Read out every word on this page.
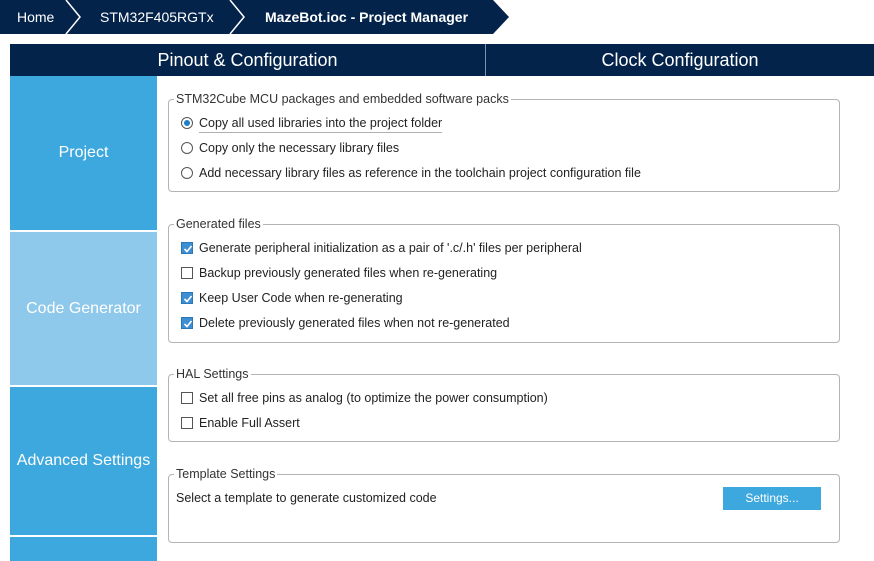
Home	STM32F405RGTx	MazeBot.ioc - Project Manager
Pinout & Configuration	Clock Configuration
Project
Code Generator
Advanced Settings
STM32Cube MCU packages and embedded software packs
Copy all used libraries into the project folder
Copy only the necessary library files
Add necessary library files as reference in the toolchain project configuration file
Generated files
Generate peripheral initialization as a pair of '.c/.h' files per peripheral
Backup previously generated files when re-generating
Keep User Code when re-generating
Delete previously generated files when not re-generated
HAL Settings
Set all free pins as analog (to optimize the power consumption)
Enable Full Assert
Template Settings
Select a template to generate customized code	Settings...
